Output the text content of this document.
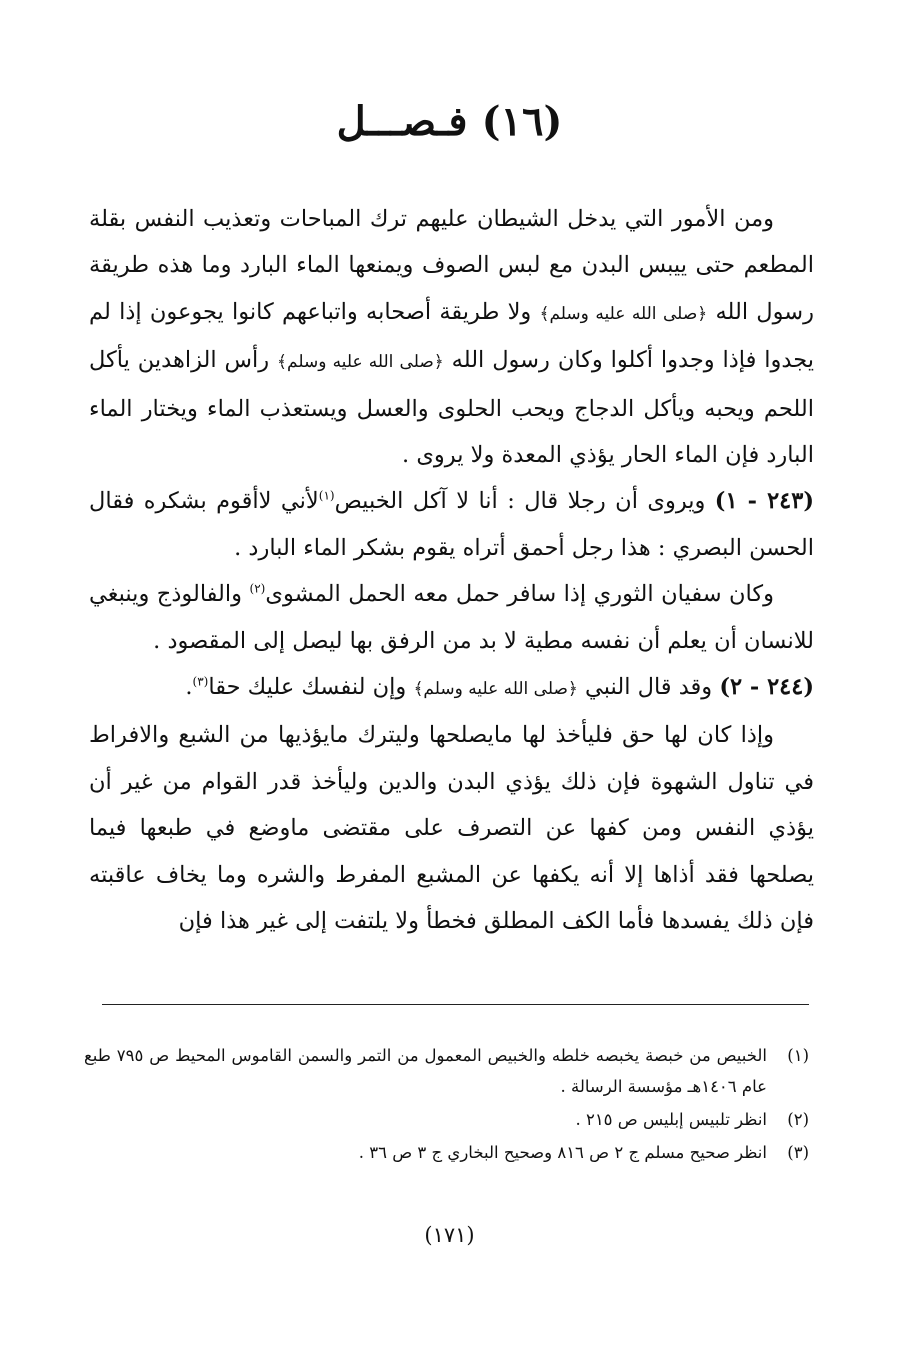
(١٦)فـصـــل

ومن الأمور التي يدخل الشيطان عليهم ترك المباحات وتعذيب النفس بقلة المطعم حتى ييبس البدن مع لبس الصوف ويمنعها الماء البارد وما هذه طريقة رسول الله ﴿صلى الله عليه وسلم﴾ ولا طريقة أصحابه واتباعهم كانوا يجوعون إذا لم يجدوا فإذا وجدوا أكلوا وكان رسول الله ﴿صلى الله عليه وسلم﴾ رأس الزاهدين يأكل اللحم ويحبه ويأكل الدجاج ويحب الحلوى والعسل ويستعذب الماء ويختار الماء البارد فإن الماء الحار يؤذي المعدة ولا يروى .

(٢٤٣ - ١) ويروى أن رجلا قال : أنا لا آكل الخبيص$^{(١)}$لأني لاأقوم بشكره فقال الحسن البصري : هذا رجل أحمق أتراه يقوم بشكر الماء البارد .

وكان سفيان الثوري إذا سافر حمل معه الحمل المشوى$^{(٢)}$ والفالوذج وينبغي للانسان أن يعلم أن نفسه مطية لا بد من الرفق بها ليصل إلى المقصود .

(٢٤٤ - ٢) وقد قال النبي ﴿صلى الله عليه وسلم﴾ وإن لنفسك عليك حقا$^{(٣)}$.

وإذا كان لها حق فليأخذ لها مايصلحها وليترك مايؤذيها من الشبع والافراط في تناول الشهوة فإن ذلك يؤذي البدن والدين وليأخذ قدر القوام من غير أن يؤذي النفس ومن كفها عن التصرف على مقتضى ماوضع في طبعها فيما يصلحها فقد أذاها إلا أنه يكفها عن المشبع المفرط والشره وما يخاف عاقبته فإن ذلك يفسدها فأما الكف المطلق فخطأ ولا يلتفت إلى غير هذا فإن

(١)
الخبيص من خبصة يخبصه خلطه والخبيص المعمول من التمر والسمن القاموس المحيط ص ٧٩٥ طبع عام ١٤٠٦هـ مؤسسة الرسالة .
(٢)
انظر تلبيس إبليس ص ٢١٥ .
(٣)
انظر صحيح مسلم ج ٢ ص ٨١٦ وصحيح البخاري ج ٣ ص ٣٦ .
(١٧١)
